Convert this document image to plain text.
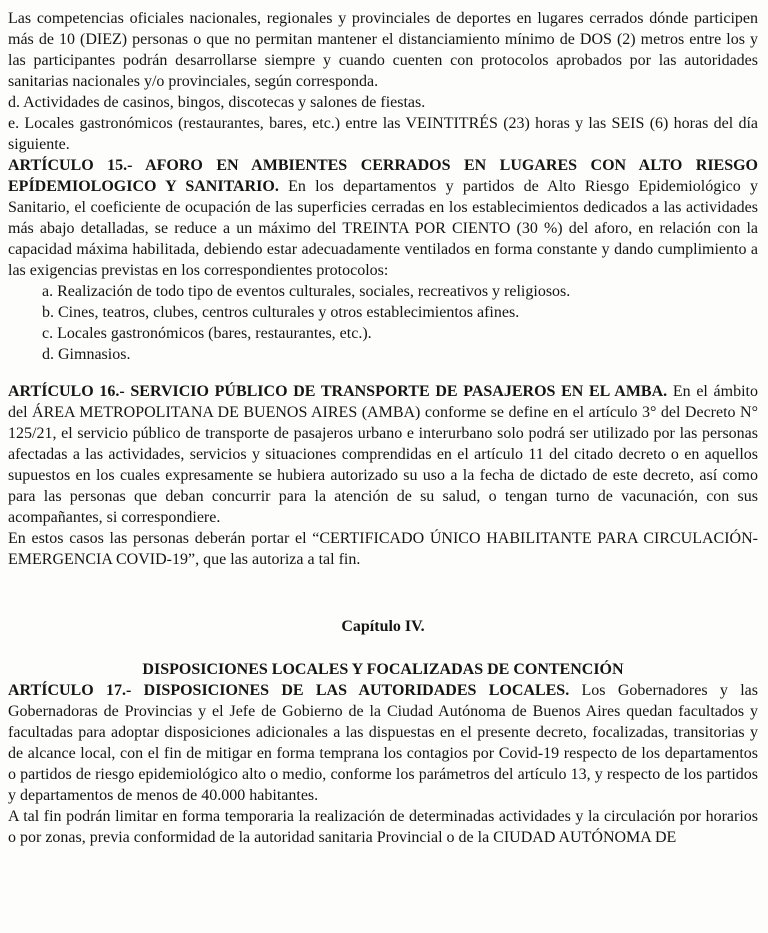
Las competencias oficiales nacionales, regionales y provinciales de deportes en lugares cerrados dónde participen más de 10 (DIEZ) personas o que no permitan mantener el distanciamiento mínimo de DOS (2) metros entre los y las participantes podrán desarrollarse siempre y cuando cuenten con protocolos aprobados por las autoridades sanitarias nacionales y/o provinciales, según corresponda.

d. Actividades de casinos, bingos, discotecas y salones de fiestas.

e. Locales gastronómicos (restaurantes, bares, etc.) entre las VEINTITRÉS (23) horas y las SEIS (6) horas del día siguiente.

ARTÍCULO 15.- AFORO EN AMBIENTES CERRADOS EN LUGARES CON ALTO RIESGO EPÍDEMIOLOGICO Y SANITARIO. En los departamentos y partidos de Alto Riesgo Epidemiológico y Sanitario, el coeficiente de ocupación de las superficies cerradas en los establecimientos dedicados a las actividades más abajo detalladas, se reduce a un máximo del TREINTA POR CIENTO (30 %) del aforo, en relación con la capacidad máxima habilitada, debiendo estar adecuadamente ventilados en forma constante y dando cumplimiento a las exigencias previstas en los correspondientes protocolos:

a. Realización de todo tipo de eventos culturales, sociales, recreativos y religiosos.

b. Cines, teatros, clubes, centros culturales y otros establecimientos afines.

c. Locales gastronómicos (bares, restaurantes, etc.).

d. Gimnasios.

ARTÍCULO 16.- SERVICIO PÚBLICO DE TRANSPORTE DE PASAJEROS EN EL AMBA. En el ámbito del ÁREA METROPOLITANA DE BUENOS AIRES (AMBA) conforme se define en el artículo 3° del Decreto N° 125/21, el servicio público de transporte de pasajeros urbano e interurbano solo podrá ser utilizado por las personas afectadas a las actividades, servicios y situaciones comprendidas en el artículo 11 del citado decreto o en aquellos supuestos en los cuales expresamente se hubiera autorizado su uso a la fecha de dictado de este decreto, así como para las personas que deban concurrir para la atención de su salud, o tengan turno de vacunación, con sus acompañantes, si correspondiere.

En estos casos las personas deberán portar el “CERTIFICADO ÚNICO HABILITANTE PARA CIRCULACIÓN- EMERGENCIA COVID-19”, que las autoriza a tal fin.

Capítulo IV.

DISPOSICIONES LOCALES Y FOCALIZADAS DE CONTENCIÓN

ARTÍCULO 17.- DISPOSICIONES DE LAS AUTORIDADES LOCALES. Los Gobernadores y las Gobernadoras de Provincias y el Jefe de Gobierno de la Ciudad Autónoma de Buenos Aires quedan facultados y facultadas para adoptar disposiciones adicionales a las dispuestas en el presente decreto, focalizadas, transitorias y de alcance local, con el fin de mitigar en forma temprana los contagios por Covid-19 respecto de los departamentos o partidos de riesgo epidemiológico alto o medio, conforme los parámetros del artículo 13, y respecto de los partidos y departamentos de menos de 40.000 habitantes.

A tal fin podrán limitar en forma temporaria la realización de determinadas actividades y la circulación por horarios o por zonas, previa conformidad de la autoridad sanitaria Provincial o de la CIUDAD AUTÓNOMA DE
